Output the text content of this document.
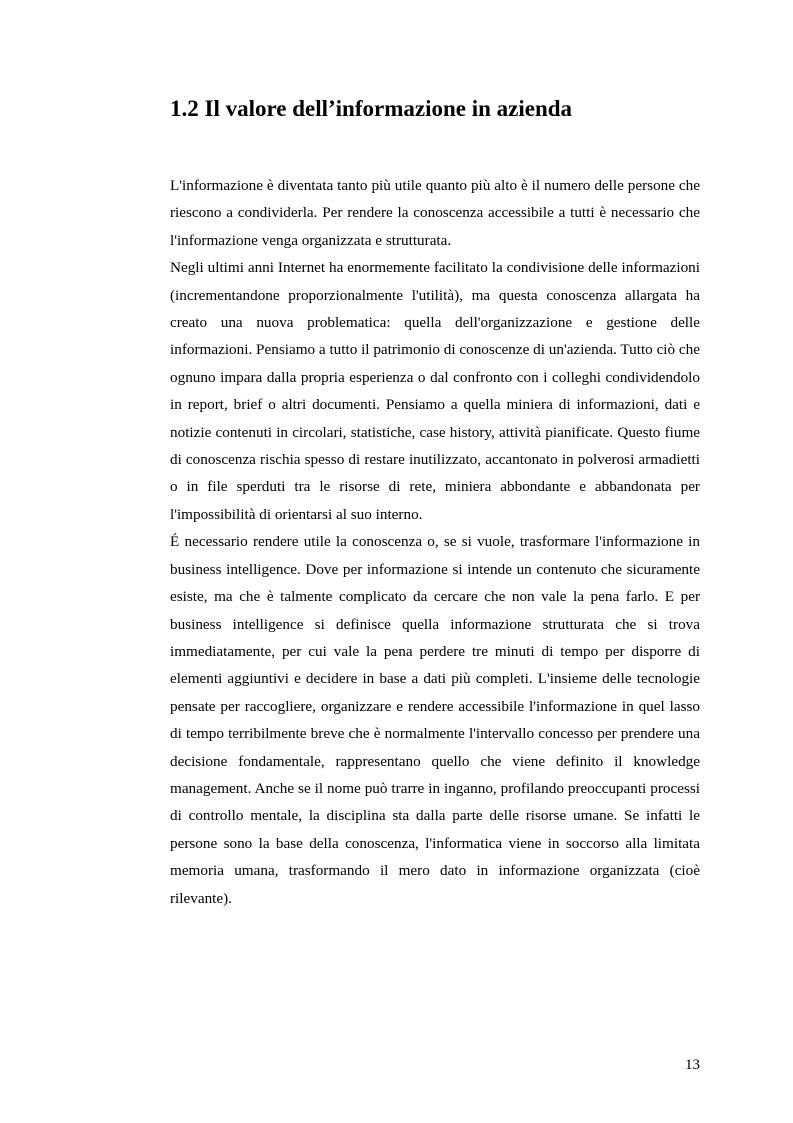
1.2 Il valore dell’informazione in azienda

L'informazione è diventata tanto più utile quanto più alto è il numero delle persone che riescono a condividerla. Per rendere la conoscenza accessibile a tutti è necessario che l'informazione venga organizzata e strutturata.

Negli ultimi anni Internet ha enormemente facilitato la condivisione delle informazioni (incrementandone proporzionalmente l'utilità), ma questa conoscenza allargata ha creato una nuova problematica: quella dell'organizzazione e gestione delle informazioni. Pensiamo a tutto il patrimonio di conoscenze di un'azienda. Tutto ciò che ognuno impara dalla propria esperienza o dal confronto con i colleghi condividendolo in report, brief o altri documenti. Pensiamo a quella miniera di informazioni, dati e notizie contenuti in circolari, statistiche, case history, attività pianificate. Questo fiume di conoscenza rischia spesso di restare inutilizzato, accantonato in polverosi armadietti o in file sperduti tra le risorse di rete, miniera abbondante e abbandonata per l'impossibilità di orientarsi al suo interno.

É necessario rendere utile la conoscenza o, se si vuole, trasformare l'informazione in business intelligence. Dove per informazione si intende un contenuto che sicuramente esiste, ma che è talmente complicato da cercare che non vale la pena farlo. E per business intelligence si definisce quella informazione strutturata che si trova immediatamente, per cui vale la pena perdere tre minuti di tempo per disporre di elementi aggiuntivi e decidere in base a dati più completi. L'insieme delle tecnologie pensate per raccogliere, organizzare e rendere accessibile l'informazione in quel lasso di tempo terribilmente breve che è normalmente l'intervallo concesso per prendere una decisione fondamentale, rappresentano quello che viene definito il knowledge management. Anche se il nome può trarre in inganno, profilando preoccupanti processi di controllo mentale, la disciplina sta dalla parte delle risorse umane. Se infatti le persone sono la base della conoscenza, l'informatica viene in soccorso alla limitata memoria umana, trasformando il mero dato in informazione organizzata (cioè rilevante).

13
